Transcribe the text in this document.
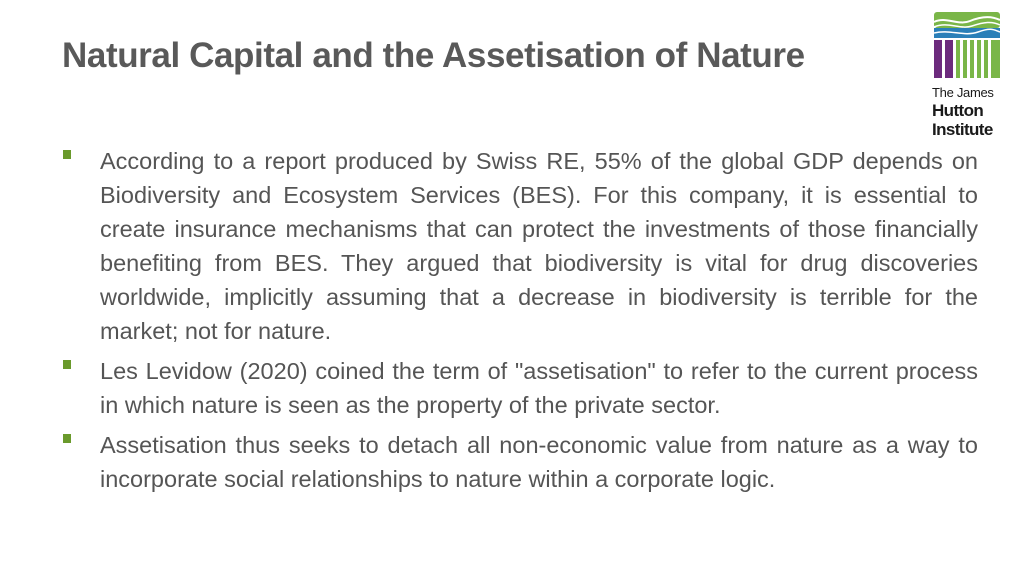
Natural Capital and the Assetisation of Nature
The James
Hutton
Institute
According to a report produced by Swiss RE, 55% of the global GDP depends on Biodiversity and Ecosystem Services (BES). For this company, it is essential to create insurance mechanisms that can protect the investments of those financially benefiting from BES. They argued that biodiversity is vital for drug discoveries worldwide, implicitly assuming that a decrease in biodiversity is terrible for the market; not for nature.
Les Levidow (2020) coined the term of "assetisation" to refer to the current process in which nature is seen as the property of the private sector.
Assetisation thus seeks to detach all non-economic value from nature as a way to incorporate social relationships to nature within a corporate logic.
